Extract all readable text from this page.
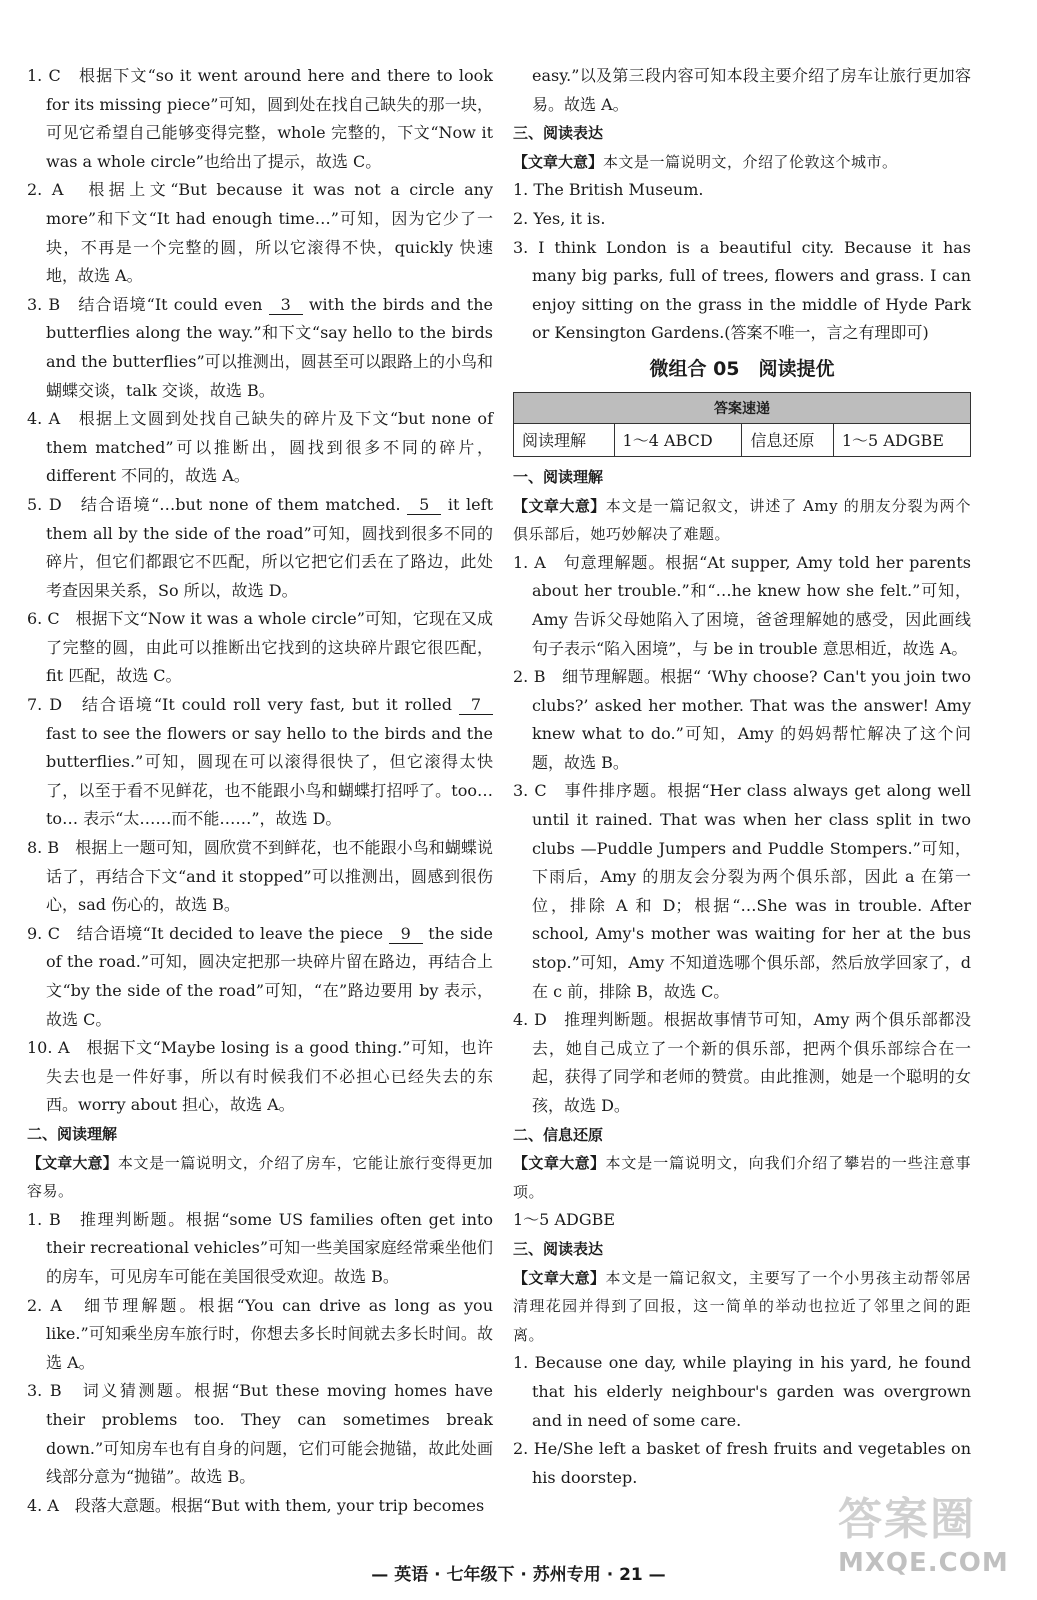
1. C　根据下文“so it went around here and there to look for its missing piece”可知，圆到处在找自己缺失的那一块，可见它希望自己能够变得完整，whole 完整的，下文“Now it was a whole circle”也给出了提示，故选 C。

2. A　根据上文“But because it was not a circle any more”和下文“It had enough time…”可知，因为它少了一块，不再是一个完整的圆，所以它滚得不快，quickly 快速地，故选 A。

3. B　结合语境“It could even 3 with the birds and the butterflies along the way.”和下文“say hello to the birds and the butterflies”可以推测出，圆甚至可以跟路上的小鸟和蝴蝶交谈，talk 交谈，故选 B。

4. A　根据上文圆到处找自己缺失的碎片及下文“but none of them matched”可以推断出，圆找到很多不同的碎片，different 不同的，故选 A。

5. D　结合语境“…but none of them matched. 5 it left them all by the side of the road”可知，圆找到很多不同的碎片，但它们都跟它不匹配，所以它把它们丢在了路边，此处考查因果关系，So 所以，故选 D。

6. C　根据下文“Now it was a whole circle”可知，它现在又成了完整的圆，由此可以推断出它找到的这块碎片跟它很匹配，fit 匹配，故选 C。

7. D　结合语境“It could roll very fast, but it rolled 7 fast to see the flowers or say hello to the birds and the butterflies.”可知，圆现在可以滚得很快了，但它滚得太快了，以至于看不见鲜花，也不能跟小鸟和蝴蝶打招呼了。too… to… 表示“太……而不能……”，故选 D。

8. B　根据上一题可知，圆欣赏不到鲜花，也不能跟小鸟和蝴蝶说话了，再结合下文“and it stopped”可以推测出，圆感到很伤心，sad 伤心的，故选 B。

9. C　结合语境“It decided to leave the piece 9 the side of the road.”可知，圆决定把那一块碎片留在路边，再结合上文“by the side of the road”可知，“在”路边要用 by 表示，故选 C。

10. A　根据下文“Maybe losing is a good thing.”可知，也许失去也是一件好事，所以有时候我们不必担心已经失去的东西。worry about 担心，故选 A。

二、阅读理解

【文章大意】本文是一篇说明文，介绍了房车，它能让旅行变得更加容易。

1. B　推理判断题。根据“some US families often get into their recreational vehicles”可知一些美国家庭经常乘坐他们的房车，可见房车可能在美国很受欢迎。故选 B。

2. A　细节理解题。根据“You can drive as long as you like.”可知乘坐房车旅行时，你想去多长时间就去多长时间。故选 A。

3. B　词义猜测题。根据“But these moving homes have their problems too. They can sometimes break down.”可知房车也有自身的问题，它们可能会抛锚，故此处画线部分意为“抛锚”。故选 B。

4. A　段落大意题。根据“But with them, your trip becomes

easy.”以及第三段内容可知本段主要介绍了房车让旅行更加容易。故选 A。

三、阅读表达

【文章大意】本文是一篇说明文，介绍了伦敦这个城市。

1. The British Museum.

2. Yes, it is.

3. I think London is a beautiful city. Because it has many big parks, full of trees, flowers and grass. I can enjoy sitting on the grass in the middle of Hyde Park or Kensington Gardens.(答案不唯一，言之有理即可)

微组合 05　阅读提优
答案速递
阅读理解	1～4 ABCD	信息还原	1～5 ADGBE

一、阅读理解

【文章大意】本文是一篇记叙文，讲述了 Amy 的朋友分裂为两个俱乐部后，她巧妙解决了难题。

1. A　句意理解题。根据“At supper, Amy told her parents about her trouble.”和“…he knew how she felt.”可知，Amy 告诉父母她陷入了困境，爸爸理解她的感受，因此画线句子表示“陷入困境”，与 be in trouble 意思相近，故选 A。

2. B　细节理解题。根据“ ‘Why choose? Can't you join two clubs?’ asked her mother. That was the answer! Amy knew what to do.”可知，Amy 的妈妈帮忙解决了这个问题，故选 B。

3. C　事件排序题。根据“Her class always get along well until it rained. That was when her class split in two clubs —Puddle Jumpers and Puddle Stompers.”可知，下雨后，Amy 的朋友会分裂为两个俱乐部，因此 a 在第一位，排除 A 和 D；根据“…She was in trouble. After school, Amy's mother was waiting for her at the bus stop.”可知，Amy 不知道选哪个俱乐部，然后放学回家了，d 在 c 前，排除 B，故选 C。

4. D　推理判断题。根据故事情节可知，Amy 两个俱乐部都没去，她自己成立了一个新的俱乐部，把两个俱乐部综合在一起，获得了同学和老师的赞赏。由此推测，她是一个聪明的女孩，故选 D。

二、信息还原

【文章大意】本文是一篇说明文，向我们介绍了攀岩的一些注意事项。

1～5 ADGBE

三、阅读表达

【文章大意】本文是一篇记叙文，主要写了一个小男孩主动帮邻居清理花园并得到了回报，这一简单的举动也拉近了邻里之间的距离。

1. Because one day, while playing in his yard, he found that his elderly neighbour's garden was overgrown and in need of some care.

2. He/She left a basket of fresh fruits and vegetables on his doorstep.

— 英语 · 七年级下 · 苏州专用 · 21 —
答案圈
MXQE.COM
